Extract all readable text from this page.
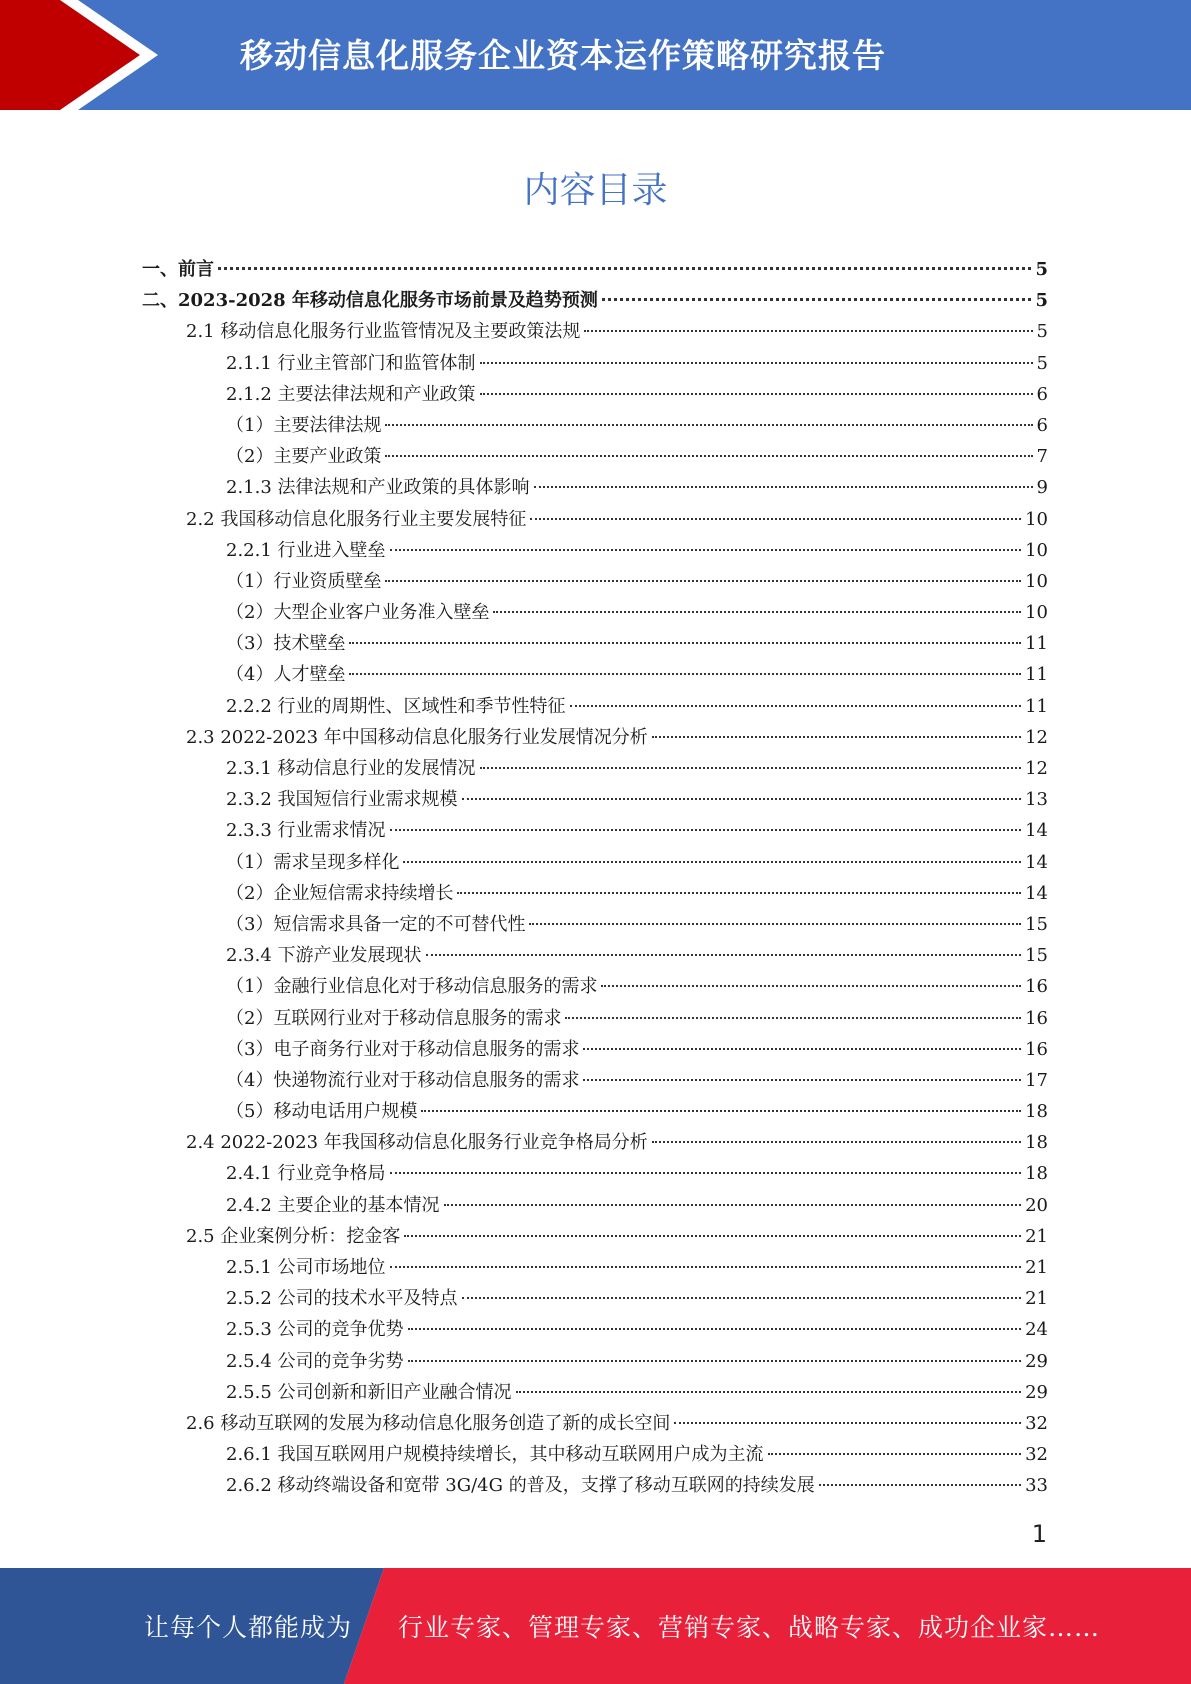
移动信息化服务企业资本运作策略研究报告
内容目录
一、前言	5
二、2023-2028 年移动信息化服务市场前景及趋势预测	5
2.1 移动信息化服务行业监管情况及主要政策法规	5
2.1.1 行业主管部门和监管体制	5
2.1.2 主要法律法规和产业政策	6
（1）主要法律法规	6
（2）主要产业政策	7
2.1.3 法律法规和产业政策的具体影响	9
2.2 我国移动信息化服务行业主要发展特征	10
2.2.1 行业进入壁垒	10
（1）行业资质壁垒	10
（2）大型企业客户业务准入壁垒	10
（3）技术壁垒	11
（4）人才壁垒	11
2.2.2 行业的周期性、区域性和季节性特征	11
2.3 2022-2023 年中国移动信息化服务行业发展情况分析	12
2.3.1 移动信息行业的发展情况	12
2.3.2 我国短信行业需求规模	13
2.3.3 行业需求情况	14
（1）需求呈现多样化	14
（2）企业短信需求持续增长	14
（3）短信需求具备一定的不可替代性	15
2.3.4 下游产业发展现状	15
（1）金融行业信息化对于移动信息服务的需求	16
（2）互联网行业对于移动信息服务的需求	16
（3）电子商务行业对于移动信息服务的需求	16
（4）快递物流行业对于移动信息服务的需求	17
（5）移动电话用户规模	18
2.4 2022-2023 年我国移动信息化服务行业竞争格局分析	18
2.4.1 行业竞争格局	18
2.4.2 主要企业的基本情况	20
2.5 企业案例分析：挖金客	21
2.5.1 公司市场地位	21
2.5.2 公司的技术水平及特点	21
2.5.3 公司的竞争优势	24
2.5.4 公司的竞争劣势	29
2.5.5 公司创新和新旧产业融合情况	29
2.6 移动互联网的发展为移动信息化服务创造了新的成长空间	32
2.6.1 我国互联网用户规模持续增长，其中移动互联网用户成为主流	32
2.6.2 移动终端设备和宽带 3G/4G 的普及，支撑了移动互联网的持续发展	33
1
让每个人都能成为 行业专家、管理专家、营销专家、战略专家、成功企业家……
